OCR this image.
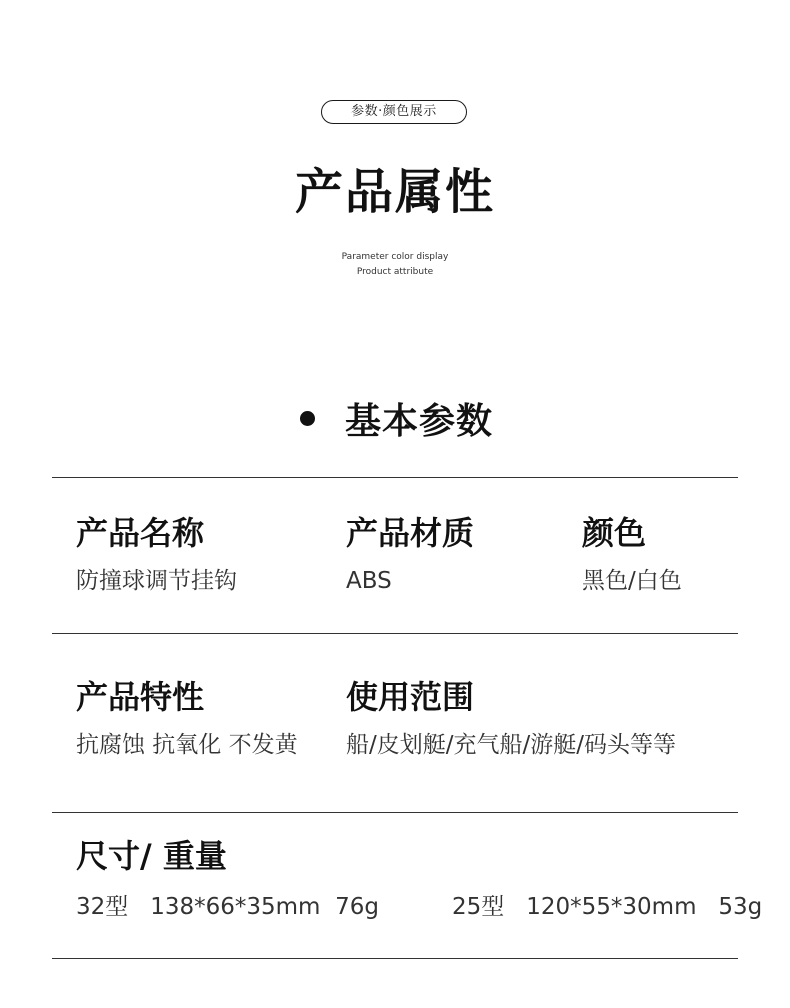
参数·颜色展示
产品属性
Parameter color display
Product attribute
基本参数
产品名称
防撞球调节挂钩
产品材质
ABS
颜色
黑色/白色
产品特性
抗腐蚀 抗氧化 不发黄
使用范围
船/皮划艇/充气船/游艇/码头等等
尺寸/ 重量
32型   138*66*35mm  76g          25型   120*55*30mm   53g
